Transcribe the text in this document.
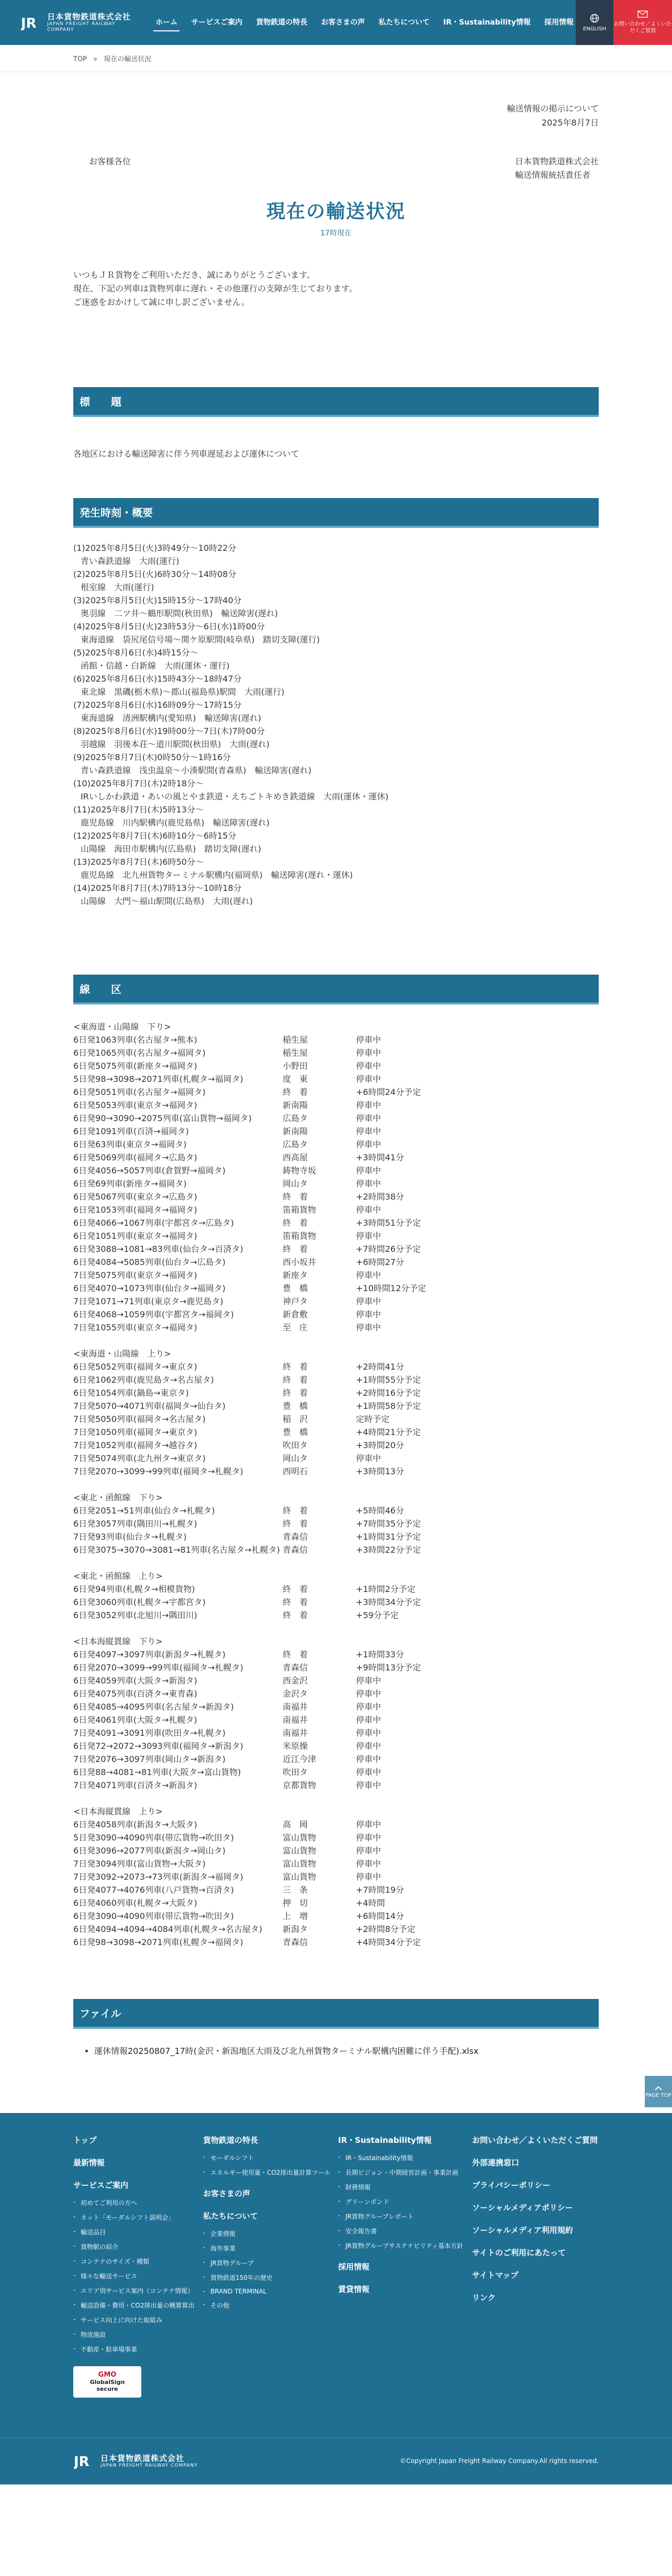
JR 日本貨物鉄道株式会社
JAPAN FREIGHT RAILWAY COMPANY
ホーム サービスご案内 貨物鉄道の特長 お客さまの声 私たちについて IR・Sustainability情報 採用情報
ENGLISH
お問い合わせ／よくいただくご質問
TOP » 現在の輸送状況
輸送情報の掲示について
2025年8月7日
お客様各位	日本貨物鉄道株式会社
輸送情報統括責任者
現在の輸送状況
17時現在
いつもＪＲ貨物をご利用いただき、誠にありがとうございます。
現在、下記の列車は貨物列車に遅れ・その他運行の支障が生じております。
ご迷惑をおかけして誠に申し訳ございません。
標　　題
各地区における輸送障害に伴う列車遅延および運休について
発生時刻・概要
(1)2025年8月5日(火)3時49分～10時22分
青い森鉄道線　大雨(運行)
(2)2025年8月5日(火)6時30分～14時08分
根室線　大雨(運行)
(3)2025年8月5日(火)15時15分～17時40分
奥羽線　二ツ井～鶴形駅間(秋田県)　輸送障害(遅れ)
(4)2025年8月5日(火)23時53分～6日(水)1時00分
東海道線　袋尻尾信号場～関ケ原駅間(岐阜県)　踏切支障(運行)
(5)2025年8月6日(水)4時15分～
函館・信越・白新線　大雨(運休・運行)
(6)2025年8月6日(水)15時43分～18時47分
東北線　黒磯(栃木県)～郡山(福島県)駅間　大雨(運行)
(7)2025年8月6日(水)16時09分～17時15分
東海道線　清洲駅構内(愛知県)　輸送障害(遅れ)
(8)2025年8月6日(水)19時00分～7日(木)7時00分
羽越線　羽後本荘～道川駅間(秋田県)　大雨(遅れ)
(9)2025年8月7日(木)0時50分～1時16分
青い森鉄道線　浅虫温泉～小湊駅間(青森県)　輸送障害(遅れ)
(10)2025年8月7日(木)2時18分～
IRいしかわ鉄道・あいの風とやま鉄道・えちごトキめき鉄道線　大雨(運休・運休)
(11)2025年8月7日(木)5時13分～
鹿児島線　川内駅構内(鹿児島県)　輸送障害(遅れ)
(12)2025年8月7日(木)6時10分～6時15分
山陽線　海田市駅構内(広島県)　踏切支障(遅れ)
(13)2025年8月7日(木)6時50分～
鹿児島線　北九州貨物ターミナル駅構内(福岡県)　輸送障害(遅れ・運休)
(14)2025年8月7日(木)7時13分～10時18分
山陽線　大門～福山駅間(広島県)　大雨(遅れ)
線　　区
<東海道・山陽線　下り>
6日発1063列車(名古屋タ→熊本)	稲生屋	停車中
6日発1065列車(名古屋タ→福岡タ)	稲生屋	停車中
6日発5075列車(新座タ→福岡タ)	小野田	停車中
5日発98→3098→2071列車(札幌タ→福岡タ)	度　東	停車中
6日発5051列車(名古屋タ→福岡タ)	終　着	+6時間24分予定
6日発5053列車(東京タ→福岡タ)	新南陽	停車中
6日発90→3090→2075列車(富山貨物→福岡タ)	広島タ	停車中
6日発1091列車(百済→福岡タ)	新南陽	停車中
6日発63列車(東京タ→福岡タ)	広島タ	停車中
6日発5069列車(福岡タ→広島タ)	西高屋	+3時間41分
6日発4056→5057列車(倉賀野→福岡タ)	鋳物寺坂	停車中
6日発69列車(新座タ→福岡タ)	岡山タ	停車中
6日発5067列車(東京タ→広島タ)	終　着	+2時間38分
6日発1053列車(福岡タ→福岡タ)	笛箱貨物	停車中
6日発4066→1067列車(宇都宮タ→広島タ)	終　着	+3時間51分予定
6日発1051列車(東京タ→福岡タ)	笛箱貨物	停車中
6日発3088→1081→83列車(仙台タ→百済タ)	終　着	+7時間26分予定
6日発4084→5085列車(仙台タ→広島タ)	西小坂井	+6時間27分
7日発5075列車(東京タ→福岡タ)	新座タ	停車中
6日発4070→1073列車(仙台タ→福岡タ)	豊　橋	+10時間12分予定
7日発1071→71列車(東京タ→鹿児島タ)	神戸タ	停車中
6日発4068→1059列車(宇都宮タ→福岡タ)	新倉敷	停車中
7日発1055列車(東京タ→福岡タ)	至　庄	停車中
<東海道・山陽線　上り>
6日発5052列車(福岡タ→東京タ)	終　着	+2時間41分
6日発1062列車(鹿児島タ→名古屋タ)	終　着	+1時間55分予定
6日発1054列車(鍋島→東京タ)	終　着	+2時間16分予定
7日発5070→4071列車(福岡タ→仙台タ)	豊　橋	+1時間58分予定
7日発5050列車(福岡タ→名古屋タ)	稲　沢	定時予定
7日発1050列車(福岡タ→東京タ)	豊　橋	+4時間21分予定
7日発1052列車(福岡タ→越谷タ)	吹田タ	+3時間20分
7日発5074列車(北九州タ→東京タ)	岡山タ	停車中
7日発2070→3099→99列車(福岡タ→札幌タ)	西明石	+3時間13分
<東北・函館線　下り>
6日発2051→51列車(仙台タ→札幌タ)	終　着	+5時間46分
6日発3057列車(隅田川→札幌タ)	終　着	+7時間35分予定
7日発93列車(仙台タ→札幌タ)	青森信	+1時間31分予定
6日発3075→3070→3081→81列車(名古屋タ→札幌タ) 青森信	+3時間22分予定
<東北・函館線　上り>
6日発94列車(札幌タ→相模貨物)	終　着	+1時間2分予定
6日発3060列車(札幌タ→宇都宮タ)	終　着	+3時間34分予定
6日発3052列車(北旭川→隅田川)	終　着	+59分予定
<日本海縦貫線　下り>
6日発4097→3097列車(新潟タ→札幌タ)	終　着	+1時間33分
6日発2070→3099→99列車(福岡タ→札幌タ)	青森信	+9時間13分予定
6日発4059列車(大阪タ→新潟タ)	西金沢	停車中
6日発4075列車(百済タ→東青森)	金沢タ	停車中
6日発4085→4095列車(名古屋タ→新潟タ)	南福井	停車中
6日発4061列車(大阪タ→札幌タ)	南福井	停車中
7日発4091→3091列車(吹田タ→札幌タ)	南福井	停車中
6日発72→2072→3093列車(福岡タ→新潟タ)	米原操	停車中
7日発2076→3097列車(岡山タ→新潟タ)	近江今津	停車中
6日発88→4081→81列車(大阪タ→富山貨物)	吹田タ	停車中
7日発4071列車(百済タ→新潟タ)	京都貨物	停車中
<日本海縦貫線　上り>
6日発4058列車(新潟タ→大阪タ)	高　岡	停車中
5日発3090→4090列車(帯広貨物→吹田タ)	富山貨物	停車中
6日発3096→2077列車(新潟タ→岡山タ)	富山貨物	停車中
7日発3094列車(富山貨物→大阪タ)	富山貨物	停車中
7日発3092→2073→73列車(新潟タ→福岡タ)	富山貨物	停車中
6日発4077→4076列車(八戸貨物→百済タ)	三　条	+7時間19分
6日発4060列車(札幌タ→大阪タ)	押　切	+4時間
6日発3090→4090列車(帯広貨物→吹田タ)	上　増	+6時間14分
6日発4094→4094→4084列車(札幌タ→名古屋タ)	新潟タ	+2時間8分予定
6日発98→3098→2071列車(札幌タ→福岡タ)	青森信	+4時間34分予定
ファイル
• 運休情報20250807_17時(金沢・新潟地区大雨及び北九州貨物ターミナル駅構内困難に伴う手配).xlsx
PAGE TOP
トップ
最新情報
サービスご案内
- 初めてご利用の方へ
- ネット「モーダルシフト説明会」
- 輸送品目
- 貨物駅の紹介
- コンテナのサイズ・種類
- 様々な輸送サービス
- エリア別サービス案内（コンテナ情報）
- 輸送設備・費用・CO2排出量の概算算出
- サービス向上に向けた取組み
- 物流施設
- 不動産・駐車場事業
GMO
GlobalSign
secure
貨物鉄道の特長
- モーダルシフト
- エネルギー使用量・CO2排出量計算ツール
お客さまの声
私たちについて
- 企業情報
- 海外事業
- JR貨物グループ
- 貨物鉄道150年の歴史
- BRAND TERMINAL
- その他
IR・Sustainability情報
- IR・Sustainability情報
- 長期ビジョン・中期経営計画・事業計画
- 財務情報
- グリーンボンド
- JR貨物グループレポート
- 安全報告書
- JR貨物グループサステナビリティ基本方針
採用情報
賃貸情報
お問い合わせ／よくいただくご質問
外部連携窓口
プライバシーポリシー
ソーシャルメディアポリシー
ソーシャルメディア利用規約
サイトのご利用にあたって
サイトマップ
リンク
JR 日本貨物鉄道株式会社
JAPAN FREIGHT RAILWAY COMPANY
©Copyright Japan Freight Railway Company.All rights reserved.
